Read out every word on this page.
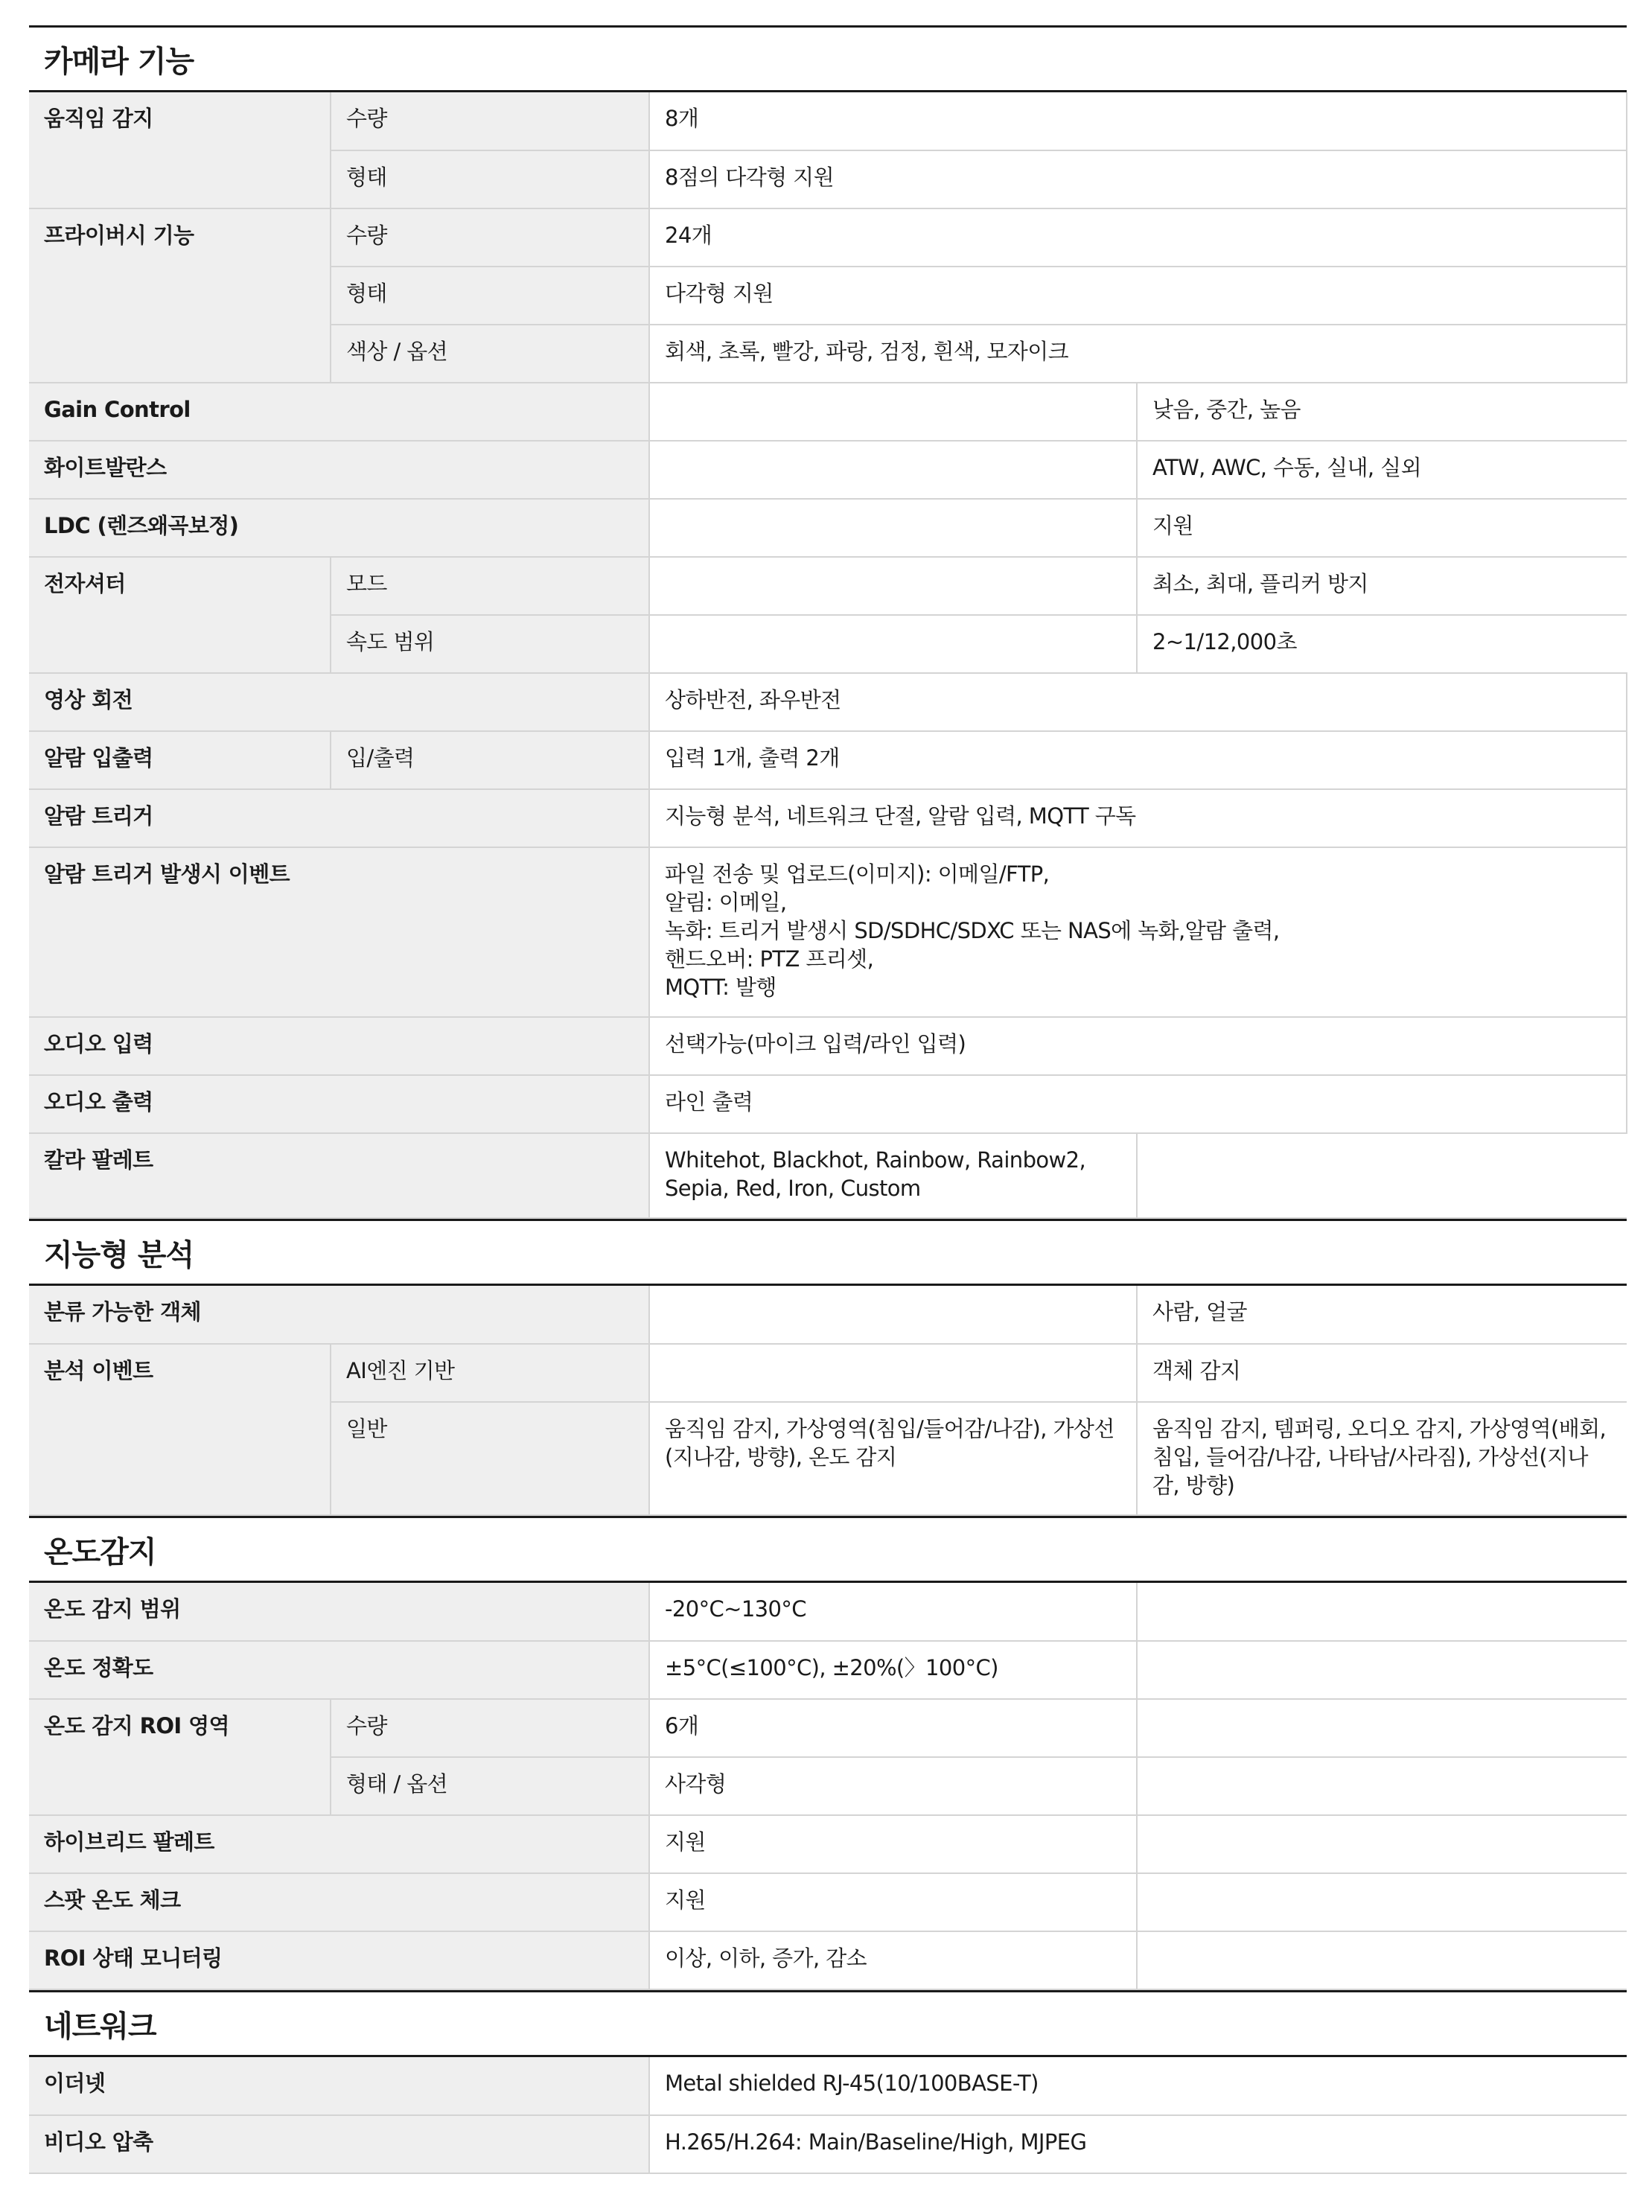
카메라 기능
움직임 감지	수량	8개	
	형태	8점의 다각형 지원	
프라이버시 기능	수량	24개	
	형태	다각형 지원	
	색상 / 옵션	회색, 초록, 빨강, 파랑, 검정, 흰색, 모자이크	
Gain Control			낮음, 중간, 높음
화이트발란스			ATW, AWC, 수동, 실내, 실외
LDC (렌즈왜곡보정)			지원
전자셔터	모드		최소, 최대, 플리커 방지
	속도 범위		2~1/12,000초
영상 회전		상하반전, 좌우반전	
알람 입출력	입/출력	입력 1개, 출력 2개	
알람 트리거		지능형 분석, 네트워크 단절, 알람 입력, MQTT 구독	
알람 트리거 발생시 이벤트		파일 전송 및 업로드(이미지): 이메일/FTP,
알림: 이메일,
녹화: 트리거 발생시 SD/SDHC/SDXC 또는 NAS에 녹화,알람 출력,
핸드오버: PTZ 프리셋,
MQTT: 발행	
오디오 입력		선택가능(마이크 입력/라인 입력)	
오디오 출력		라인 출력	
칼라 팔레트		Whitehot, Blackhot, Rainbow, Rainbow2,
Sepia, Red, Iron, Custom	
지능형 분석
분류 가능한 객체			사람, 얼굴
분석 이벤트	AI엔진 기반		객체 감지
	일반	움직임 감지, 가상영역(침입/들어감/나감), 가상선(지나감, 방향), 온도 감지	움직임 감지, 템퍼링, 오디오 감지, 가상영역(배회, 침입, 들어감/나감, 나타남/사라짐), 가상선(지나감, 방향)
온도감지
온도 감지 범위		-20°C~130°C	
온도 정확도		±5°C(≤100°C), ±20%(〉100°C)	
온도 감지 ROI 영역	수량	6개	
	형태 / 옵션	사각형	
하이브리드 팔레트		지원	
스팟 온도 체크		지원	
ROI 상태 모니터링		이상, 이하, 증가, 감소	
네트워크
이더넷	Metal shielded RJ-45(10/100BASE-T)
비디오 압축	H.265/H.264: Main/Baseline/High, MJPEG
